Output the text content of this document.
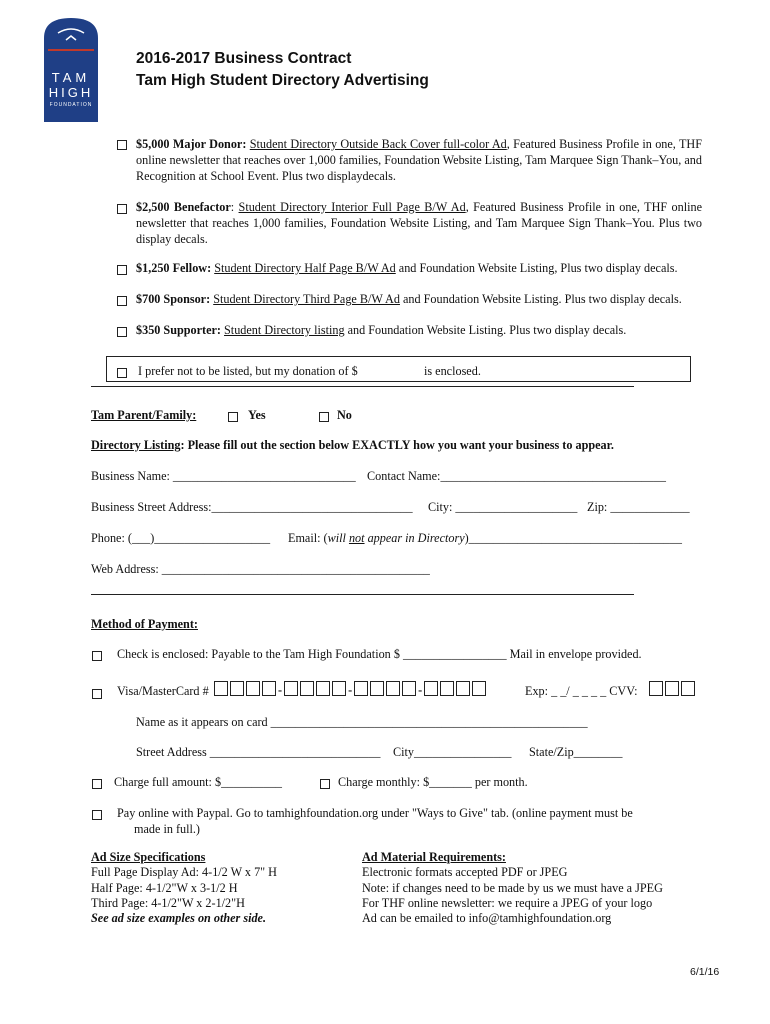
TAM
HIGH
FOUNDATION
2016-2017 Business Contract
Tam High Student Directory Advertising
$5,000 Major Donor: Student Directory Outside Back Cover full-color Ad, Featured Business Profile in one, THF online newsletter that reaches over 1,000 families, Foundation Website Listing, Tam Marquee Sign Thank–You, and Recognition at School Event. Plus two displaydecals.
$2,500 Benefactor: Student Directory Interior Full Page B/W Ad, Featured Business Profile in one, THF online newsletter that reaches 1,000 families, Foundation Website Listing, and Tam Marquee Sign Thank–You. Plus two display decals.
$1,250 Fellow: Student Directory Half Page B/W Ad and Foundation Website Listing, Plus two display decals.
$700 Sponsor: Student Directory Third Page B/W Ad and Foundation Website Listing. Plus two display decals.
$350 Supporter: Student Directory listing and Foundation Website Listing. Plus two display decals.
I prefer not to be listed, but my donation of $	is enclosed.
Tam Parent/Family:	Yes	No
Directory Listing: Please fill out the section below EXACTLY how you want your business to appear.
Business Name: ______________________________ Contact Name:_____________________________________
Business Street Address:_________________________________ City: ____________________ Zip: _____________
Phone: (___)___________________ Email: (will not appear in Directory)___________________________________
Web Address: ____________________________________________
Method of Payment:
Check is enclosed: Payable to the Tam High Foundation $ _________________ Mail in envelope provided.
Visa/MasterCard #	-	-	-	Exp: _ _/ _ _ _ _ CVV:
Name as it appears on card ____________________________________________________
Street Address ____________________________ City________________ State/Zip________
Charge full amount: $__________	Charge monthly: $_______ per month.
Pay online with Paypal. Go to tamhighfoundation.org under "Ways to Give" tab. (online payment must be
made in full.)
Ad Size Specifications
Full Page Display Ad: 4-1/2 W x 7" H
Half Page: 4-1/2"W x 3-1/2 H
Third Page: 4-1/2"W x 2-1/2"H
See ad size examples on other side.
Ad Material Requirements:
Electronic formats accepted PDF or JPEG
Note: if changes need to be made by us we must have a JPEG
For THF online newsletter: we require a JPEG of your logo
Ad can be emailed to info@tamhighfoundation.org
6/1/16
